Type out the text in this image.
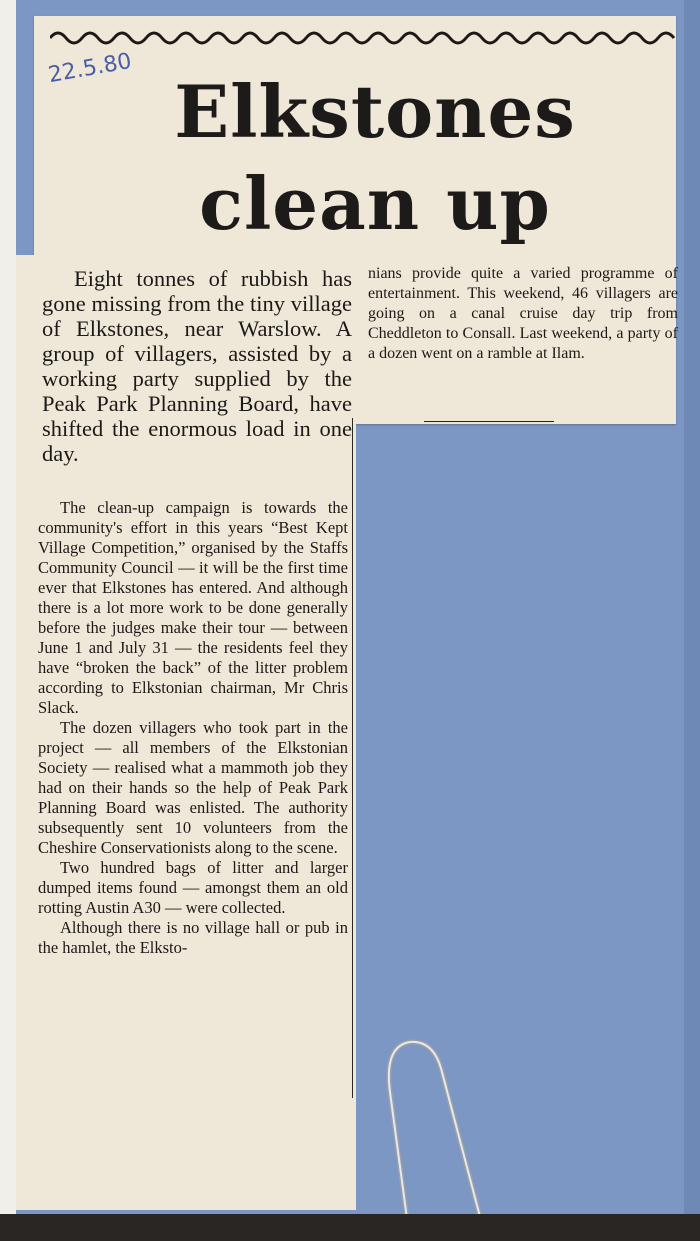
22.5.80
Elkstones
clean up
Eight tonnes of rubbish has gone missing from the tiny village of Elkstones, near Warslow. A group of villagers, assisted by a working party supplied by the Peak Park Planning Board, have shifted the enormous load in one day.

The clean-up campaign is towards the community's effort in this years “Best Kept Village Competition,” organised by the Staffs Community Council — it will be the first time ever that Elkstones has entered. And although there is a lot more work to be done generally before the judges make their tour — between June 1 and July 31 — the residents feel they have “broken the back” of the litter problem according to Elkstonian chairman, Mr Chris Slack.

The dozen villagers who took part in the project — all members of the Elkstonian Society — realised what a mammoth job they had on their hands so the help of Peak Park Planning Board was enlisted. The authority subsequently sent 10 volunteers from the Cheshire Conservationists along to the scene.

Two hundred bags of litter and larger dumped items found — amongst them an old rotting Austin A30 — were collected.

Although there is no village hall or pub in the hamlet, the Elksto-

nians provide quite a varied programme of entertainment. This weekend, 46 villagers are going on a canal cruise day trip from Cheddleton to Consall. Last weekend, a party of a dozen went on a ramble at Ilam.
